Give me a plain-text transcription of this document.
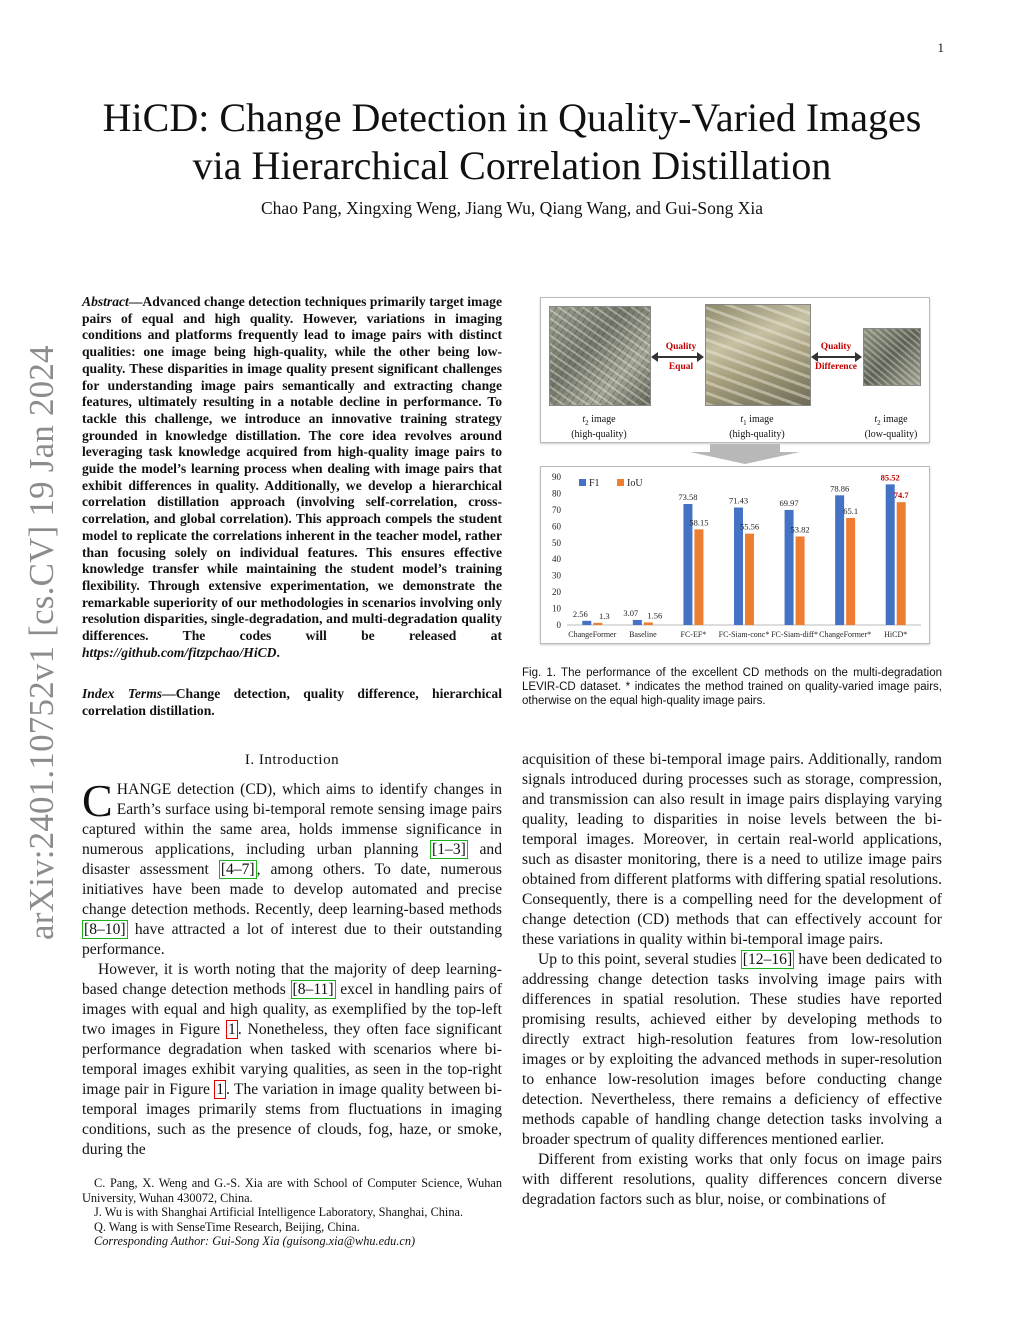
1
arXiv:2401.10752v1 [cs.CV] 19 Jan 2024
HiCD: Change Detection in Quality-Varied Images
via Hierarchical Correlation Distillation
Chao Pang, Xingxing Weng, Jiang Wu, Qiang Wang, and Gui-Song Xia
Abstract—Advanced change detection techniques primarily target image pairs of equal and high quality. However, variations in imaging conditions and platforms frequently lead to image pairs with distinct qualities: one image being high-quality, while the other being low-quality. These disparities in image quality present significant challenges for understanding image pairs semantically and extracting change features, ultimately resulting in a notable decline in performance. To tackle this challenge, we introduce an innovative training strategy grounded in knowledge distillation. The core idea revolves around leveraging task knowledge acquired from high-quality image pairs to guide the model’s learning process when dealing with image pairs that exhibit differences in quality. Additionally, we develop a hierarchical correlation distillation approach (involving self-correlation, cross-correlation, and global correlation). This approach compels the student model to replicate the correlations inherent in the teacher model, rather than focusing solely on individual features. This ensures effective knowledge transfer while maintaining the student model’s training flexibility. Through extensive experimentation, we demonstrate the remarkable superiority of our methodologies in scenarios involving only resolution disparities, single-degradation, and multi-degradation quality differences. The codes will be released at https://github.com/fitzpchao/HiCD.
Index Terms—Change detection, quality difference, hierarchical correlation distillation.
I. Introduction

CHANGE detection (CD), which aims to identify changes in Earth’s surface using bi-temporal remote sensing image pairs captured within the same area, holds immense significance in numerous applications, including urban planning [1–3] and disaster assessment [4–7] , among others. To date, numerous initiatives have been made to develop automated and precise change detection methods. Recently, deep learning-based methods [8–10] have attracted a lot of interest due to their outstanding performance.

However, it is worth noting that the majority of deep learning-based change detection methods [8–11] excel in handling pairs of images with equal and high quality, as exemplified by the top-left two images in Figure 1 . Nonetheless, they often face significant performance degradation when tasked with scenarios where bi-temporal images exhibit varying qualities, as seen in the top-right image pair in Figure 1 . The variation in image quality between bi-temporal images primarily stems from fluctuations in imaging conditions, such as the presence of clouds, fog, haze, or smoke, during the

C. Pang, X. Weng and G.-S. Xia are with School of Computer Science, Wuhan University, Wuhan 430072, China.

J. Wu is with Shanghai Artificial Intelligence Laboratory, Shanghai, China.

Q. Wang is with SenseTime Research, Beijing, China.

Corresponding Author: Gui-Song Xia (guisong.xia@whu.edu.cn)

Quality
Equal
Quality
Difference
$t_2$ image
(high-quality)
$t_1$ image
(high-quality)
$t_2$ image
(low-quality)
0
10
20
30
40
50
60
70
80
90
2.56 1.3
ChangeFormer
3.07 1.56
Baseline
73.58
58.15
FC-EF*
71.43
55.56
FC-Siam-conc*
69.97
53.82
FC-Siam-diff*
78.86
65.1
ChangeFormer*
85.52
74.7
HiCD*
F1	IoU
Fig. 1. The performance of the excellent CD methods on the multi-degradation LEVIR-CD dataset. * indicates the method trained on quality-varied image pairs, otherwise on the equal high-quality image pairs.

acquisition of these bi-temporal image pairs. Additionally, random signals introduced during processes such as storage, compression, and transmission can also result in image pairs displaying varying quality, leading to disparities in noise levels between the bi-temporal images. Moreover, in certain real-world applications, such as disaster monitoring, there is a need to utilize image pairs obtained from different platforms with differing spatial resolutions. Consequently, there is a compelling need for the development of change detection (CD) methods that can effectively account for these variations in quality within bi-temporal image pairs.

Up to this point, several studies [12–16] have been dedicated to addressing change detection tasks involving image pairs with differences in spatial resolution. These studies have reported promising results, achieved either by developing methods to directly extract high-resolution features from low-resolution images or by exploiting the advanced methods in super-resolution to enhance low-resolution images before conducting change detection. Nevertheless, there remains a deficiency of effective methods capable of handling change detection tasks involving a broader spectrum of quality differences mentioned earlier.

Different from existing works that only focus on image pairs with different resolutions, quality differences concern diverse degradation factors such as blur, noise, or combinations of
